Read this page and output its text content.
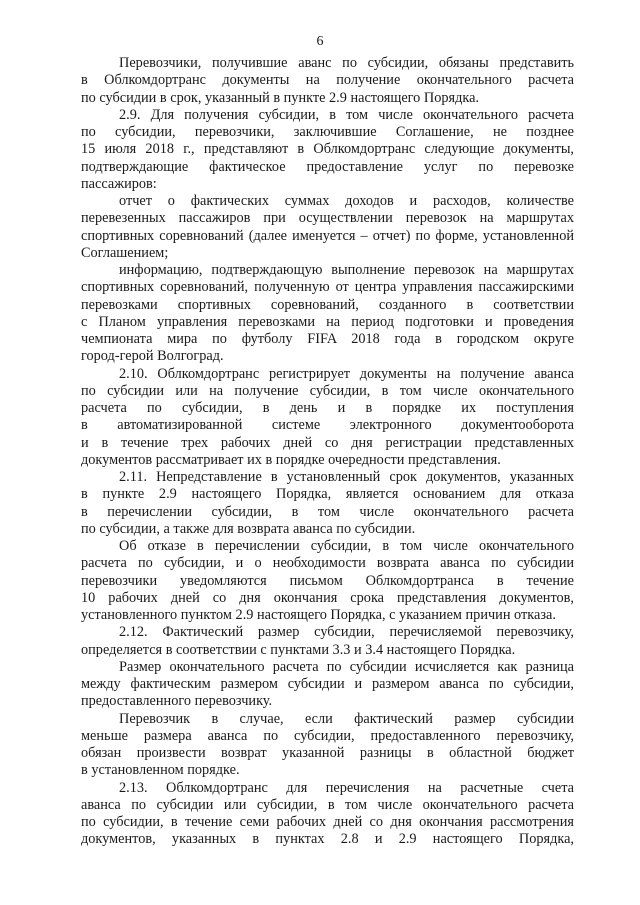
6

Перевозчики, получившие аванс по субсидии, обязаны представить
в Облкомдортранс документы на получение окончательного расчета
по субсидии в срок, указанный в пункте 2.9 настоящего Порядка.

2.9. Для получения субсидии, в том числе окончательного расчета
по субсидии, перевозчики, заключившие Соглашение, не позднее
15 июля 2018 г., представляют в Облкомдортранс следующие документы,
подтверждающие фактическое предоставление услуг по перевозке
пассажиров:

отчет о фактических суммах доходов и расходов, количестве
перевезенных пассажиров при осуществлении перевозок на маршрутах
спортивных соревнований (далее именуется – отчет) по форме, установленной
Соглашением;

информацию, подтверждающую выполнение перевозок на маршрутах
спортивных соревнований, полученную от центра управления пассажирскими
перевозками спортивных соревнований, созданного в соответствии
с Планом управления перевозками на период подготовки и проведения
чемпионата мира по футболу FIFA 2018 года в городском округе
город-герой Волгоград.

2.10. Облкомдортранс регистрирует документы на получение аванса
по субсидии или на получение субсидии, в том числе окончательного
расчета по субсидии, в день и в порядке их поступления
в автоматизированной системе электронного документооборота
и в течение трех рабочих дней со дня регистрации представленных
документов рассматривает их в порядке очередности представления.

2.11. Непредставление в установленный срок документов, указанных
в пункте 2.9 настоящего Порядка, является основанием для отказа
в перечислении субсидии, в том числе окончательного расчета
по субсидии, а также для возврата аванса по субсидии.

Об отказе в перечислении субсидии, в том числе окончательного
расчета по субсидии, и о необходимости возврата аванса по субсидии
перевозчики уведомляются письмом Облкомдортранса в течение
10 рабочих дней со дня окончания срока представления документов,
установленного пунктом 2.9 настоящего Порядка, с указанием причин отказа.

2.12. Фактический размер субсидии, перечисляемой перевозчику,
определяется в соответствии с пунктами 3.3 и 3.4 настоящего Порядка.

Размер окончательного расчета по субсидии исчисляется как разница
между фактическим размером субсидии и размером аванса по субсидии,
предоставленного перевозчику.

Перевозчик в случае, если фактический размер субсидии
меньше размера аванса по субсидии, предоставленного перевозчику,
обязан произвести возврат указанной разницы в областной бюджет
в установленном порядке.

2.13. Облкомдортранс для перечисления на расчетные счета
аванса по субсидии или субсидии, в том числе окончательного расчета
по субсидии, в течение семи рабочих дней со дня окончания рассмотрения
документов, указанных в пунктах 2.8 и 2.9 настоящего Порядка,
